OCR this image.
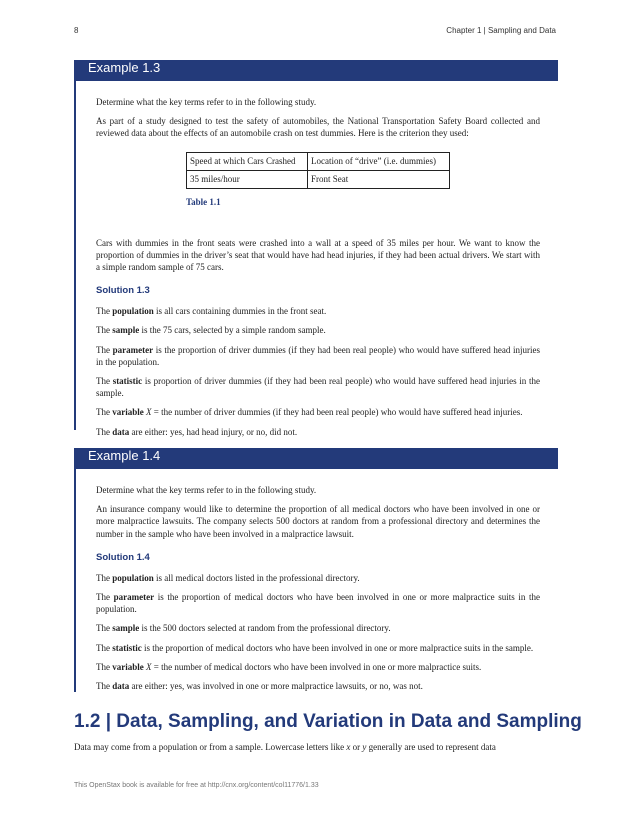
8	Chapter 1 | Sampling and Data
Example 1.3

Determine what the key terms refer to in the following study.

As part of a study designed to test the safety of automobiles, the National Transportation Safety Board collected and reviewed data about the effects of an automobile crash on test dummies. Here is the criterion they used:

Speed at which Cars Crashed	Location of “drive” (i.e. dummies)
35 miles/hour	Front Seat
Table 1.1

Cars with dummies in the front seats were crashed into a wall at a speed of 35 miles per hour. We want to know the proportion of dummies in the driver’s seat that would have had head injuries, if they had been actual drivers. We start with a simple random sample of 75 cars.

Solution 1.3

The population is all cars containing dummies in the front seat.

The sample is the 75 cars, selected by a simple random sample.

The parameter is the proportion of driver dummies (if they had been real people) who would have suffered head injuries in the population.

The statistic is proportion of driver dummies (if they had been real people) who would have suffered head injuries in the sample.

The variable X = the number of driver dummies (if they had been real people) who would have suffered head injuries.

The data are either: yes, had head injury, or no, did not.

Example 1.4

Determine what the key terms refer to in the following study.

An insurance company would like to determine the proportion of all medical doctors who have been involved in one or more malpractice lawsuits. The company selects 500 doctors at random from a professional directory and determines the number in the sample who have been involved in a malpractice lawsuit.

Solution 1.4

The population is all medical doctors listed in the professional directory.

The parameter is the proportion of medical doctors who have been involved in one or more malpractice suits in the population.

The sample is the 500 doctors selected at random from the professional directory.

The statistic is the proportion of medical doctors who have been involved in one or more malpractice suits in the sample.

The variable X = the number of medical doctors who have been involved in one or more malpractice suits.

The data are either: yes, was involved in one or more malpractice lawsuits, or no, was not.

1.2 | Data, Sampling, and Variation in Data and Sampling

Data may come from a population or from a sample. Lowercase letters like x or y generally are used to represent data

This OpenStax book is available for free at http://cnx.org/content/col11776/1.33
